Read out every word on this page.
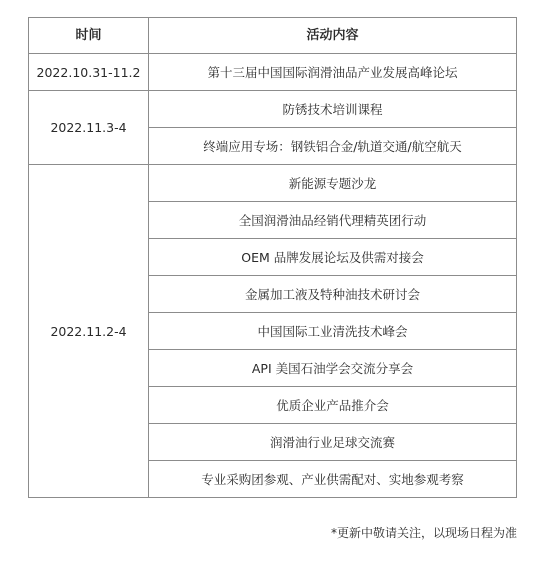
时间	活动内容
2022.10.31-11.2	第十三届中国国际润滑油品产业发展高峰论坛
2022.11.3-4	防锈技术培训课程
	终端应用专场：钢铁铝合金/轨道交通/航空航天
2022.11.2-4	新能源专题沙龙
	全国润滑油品经销代理精英团行动
	OEM 品牌发展论坛及供需对接会
	金属加工液及特种油技术研讨会
	中国国际工业清洗技术峰会
	API 美国石油学会交流分享会
	优质企业产品推介会
	润滑油行业足球交流赛
	专业采购团参观、产业供需配对、实地参观考察
*更新中敬请关注，以现场日程为准
